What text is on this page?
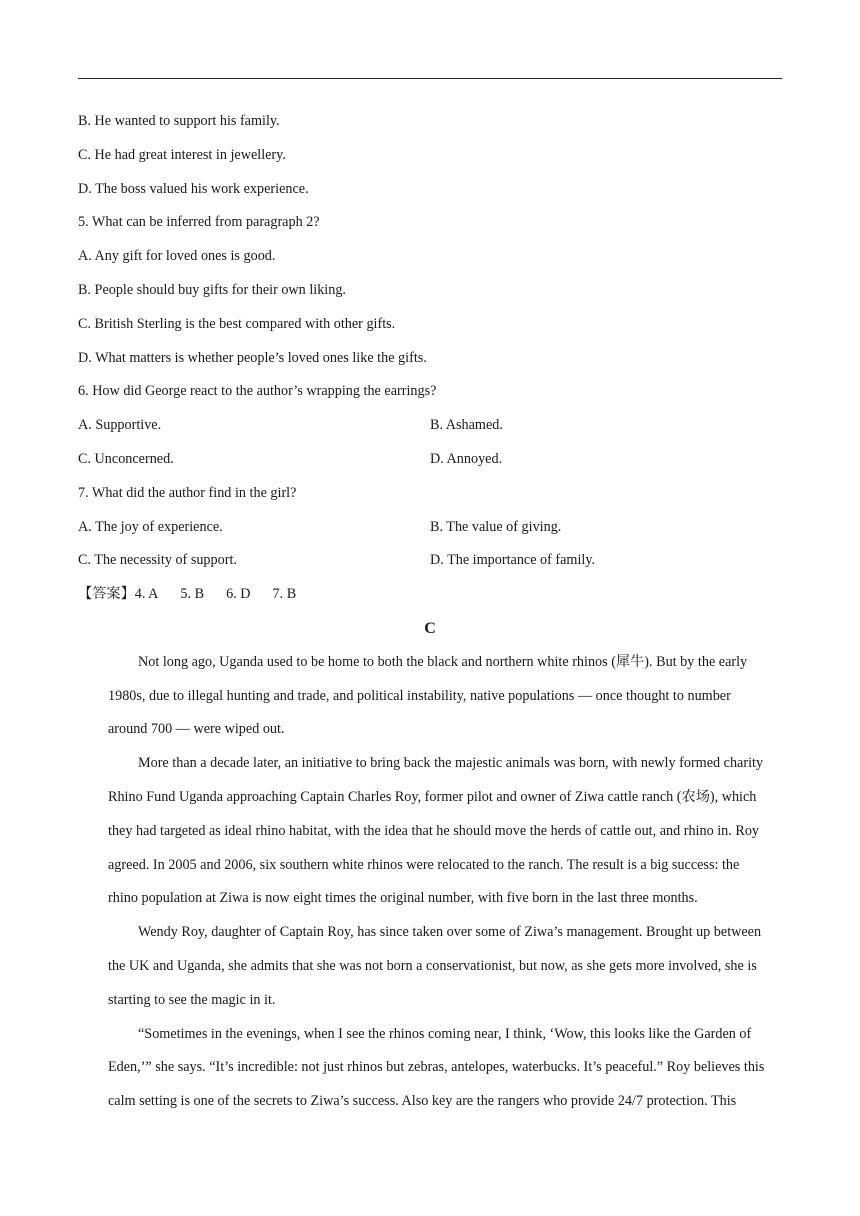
B. He wanted to support his family.

C. He had great interest in jewellery.

D. The boss valued his work experience.

5. What can be inferred from paragraph 2?

A. Any gift for loved ones is good.

B. People should buy gifts for their own liking.

C. British Sterling is the best compared with other gifts.

D. What matters is whether people’s loved ones like the gifts.

6. How did George react to the author’s wrapping the earrings?

A. Supportive.	B. Ashamed.
C. Unconcerned.	D. Annoyed.

7. What did the author find in the girl?

A. The joy of experience.	B. The value of giving.
C. The necessity of support.	D. The importance of family.
【答案】4. A 5. B 6. D 7. B

C

Not long ago, Uganda used to be home to both the black and northern white rhinos (犀牛). But by the early
1980s, due to illegal hunting and trade, and political instability, native populations — once thought to number
around 700 — were wiped out.
More than a decade later, an initiative to bring back the majestic animals was born, with newly formed charity
Rhino Fund Uganda approaching Captain Charles Roy, former pilot and owner of Ziwa cattle ranch (农场), which
they had targeted as ideal rhino habitat, with the idea that he should move the herds of cattle out, and rhino in. Roy
agreed. In 2005 and 2006, six southern white rhinos were relocated to the ranch. The result is a big success: the
rhino population at Ziwa is now eight times the original number, with five born in the last three months.
Wendy Roy, daughter of Captain Roy, has since taken over some of Ziwa’s management. Brought up between
the UK and Uganda, she admits that she was not born a conservationist, but now, as she gets more involved, she is
starting to see the magic in it.
“Sometimes in the evenings, when I see the rhinos coming near, I think, ‘Wow, this looks like the Garden of
Eden,’” she says. “It’s incredible: not just rhinos but zebras, antelopes, waterbucks. It’s peaceful.” Roy believes this
calm setting is one of the secrets to Ziwa’s success. Also key are the rangers who provide 24/7 protection. This
